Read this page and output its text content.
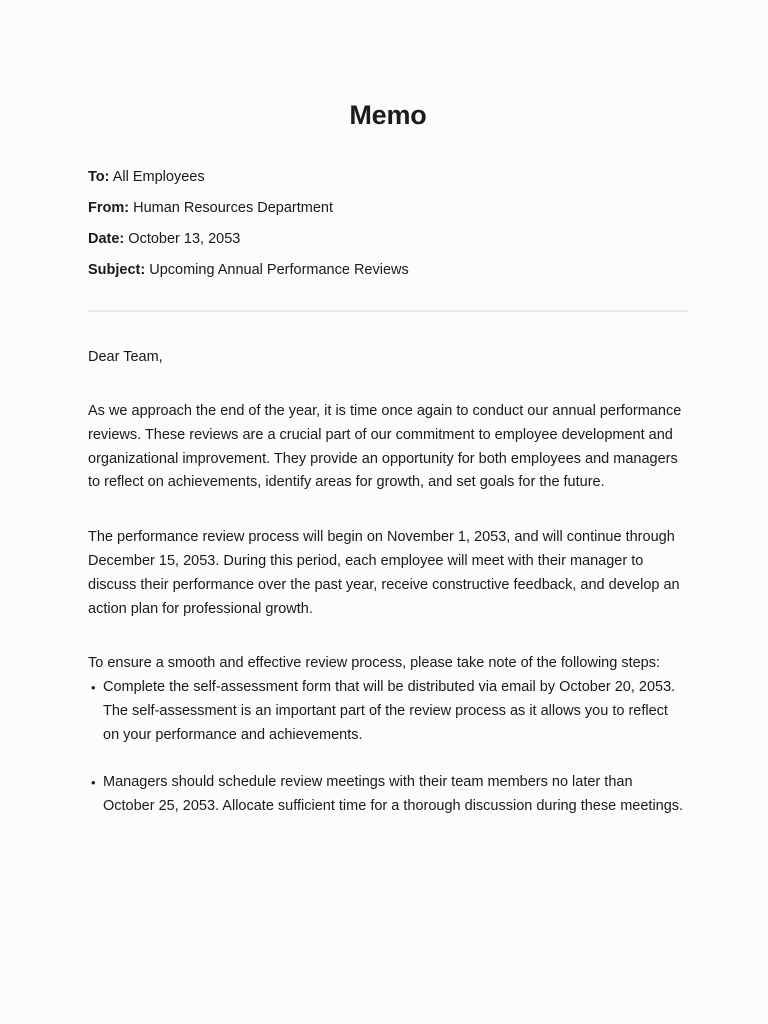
Memo
To: All Employees
From: Human Resources Department
Date: October 13, 2053
Subject: Upcoming Annual Performance Reviews

Dear Team,

As we approach the end of the year, it is time once again to conduct our annual performance reviews. These reviews are a crucial part of our commitment to employee development and organizational improvement. They provide an opportunity for both employees and managers to reflect on achievements, identify areas for growth, and set goals for the future.

The performance review process will begin on November 1, 2053, and will continue through December 15, 2053. During this period, each employee will meet with their manager to discuss their performance over the past year, receive constructive feedback, and develop an action plan for professional growth.

To ensure a smooth and effective review process, please take note of the following steps:

• Complete the self-assessment form that will be distributed via email by October 20, 2053. The self-assessment is an important part of the review process as it allows you to reflect on your performance and achievements.
• Managers should schedule review meetings with their team members no later than October 25, 2053. Allocate sufficient time for a thorough discussion during these meetings.
